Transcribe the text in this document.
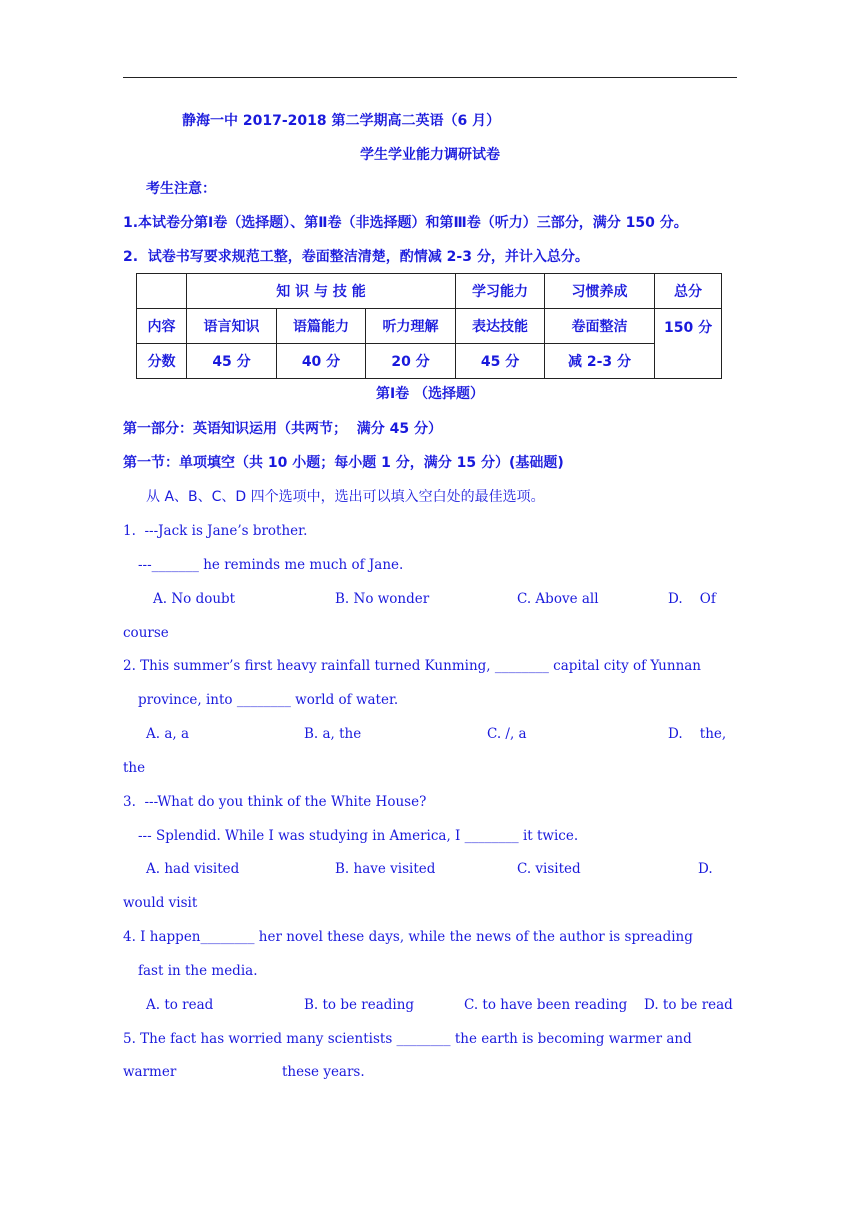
静海一中 2017-2018 第二学期高二英语（6 月）
学生学业能力调研试卷
考生注意：
1.本试卷分第Ⅰ卷（选择题）、第Ⅱ卷（非选择题）和第Ⅲ卷（听力）三部分，满分 150 分。
2.  试卷书写要求规范工整，卷面整洁清楚，酌情减 2-3 分，并计入总分。
	知 识 与 技 能			学习能力	习惯养成	总分
内容	语言知识	语篇能力	听力理解	表达技能	卷面整洁	150 分
分数	45 分	40 分	20 分	45 分	减 2-3 分	
第Ⅰ卷 （选择题）
第一部分：英语知识运用（共两节；  满分 45 分）
第一节：单项填空（共 10 小题；每小题 1 分，满分 15 分）(基础题)
从 A、B、C、D 四个选项中，选出可以填入空白处的最佳选项。
1.  ---Jack is Jane’s brother.
---_______ he reminds me much of Jane.
A. No doubt	B. No wonder	C. Above all	D.    Of
course
2. This summer’s first heavy rainfall turned Kunming, ________ capital city of Yunnan
province, into ________ world of water.
A. a, a	B. a, the	C. /, a	D.    the,
the
3.  ---What do you think of the White House?
--- Splendid. While I was studying in America, I ________ it twice.
A. had visited	B. have visited	C. visited	D.
would visit
4. I happen________ her novel these days, while the news of the author is spreading
fast in the media.
A. to read	B. to be reading	C. to have been reading D. to be read
5. The fact has worried many scientists ________ the earth is becoming warmer and
warmer	these years.
